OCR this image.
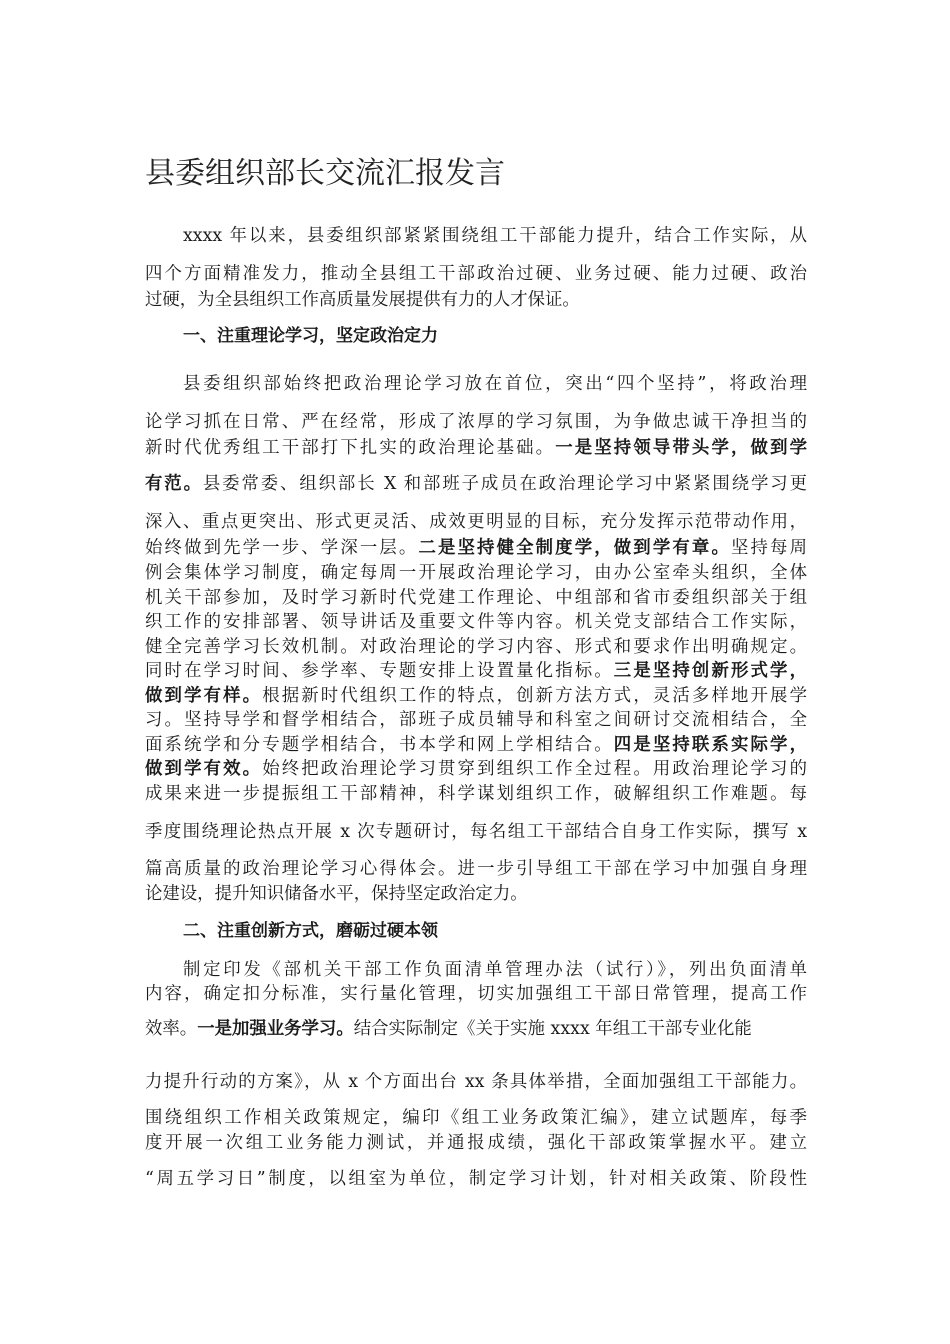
县委组织部长交流汇报发言
xxxx 年以来，县委组织部紧紧围绕组工干部能力提升，结合工作实际，从
四个方面精准发力，推动全县组工干部政治过硬、业务过硬、能力过硬、政治
过硬，为全县组织工作高质量发展提供有力的人才保证。
一、注重理论学习，坚定政治定力
县委组织部始终把政治理论学习放在首位，突出“四个坚持”，将政治理
论学习抓在日常、严在经常，形成了浓厚的学习氛围，为争做忠诚干净担当的
新时代优秀组工干部打下扎实的政治理论基础。一是坚持领导带头学，做到学
有范。县委常委、组织部长 X 和部班子成员在政治理论学习中紧紧围绕学习更
深入、重点更突出、形式更灵活、成效更明显的目标，充分发挥示范带动作用，
始终做到先学一步、学深一层。二是坚持健全制度学，做到学有章。坚持每周
例会集体学习制度，确定每周一开展政治理论学习，由办公室牵头组织，全体
机关干部参加，及时学习新时代党建工作理论、中组部和省市委组织部关于组
织工作的安排部署、领导讲话及重要文件等内容。机关党支部结合工作实际，
健全完善学习长效机制。对政治理论的学习内容、形式和要求作出明确规定。
同时在学习时间、参学率、专题安排上设置量化指标。三是坚持创新形式学，
做到学有样。根据新时代组织工作的特点，创新方法方式，灵活多样地开展学
习。坚持导学和督学相结合，部班子成员辅导和科室之间研讨交流相结合，全
面系统学和分专题学相结合，书本学和网上学相结合。四是坚持联系实际学，
做到学有效。始终把政治理论学习贯穿到组织工作全过程。用政治理论学习的
成果来进一步提振组工干部精神，科学谋划组织工作，破解组织工作难题。每
季度围绕理论热点开展 x 次专题研讨，每名组工干部结合自身工作实际，撰写 x
篇高质量的政治理论学习心得体会。进一步引导组工干部在学习中加强自身理
论建设，提升知识储备水平，保持坚定政治定力。
二、注重创新方式，磨砺过硬本领
制定印发《部机关干部工作负面清单管理办法（试行）》，列出负面清单
内容，确定扣分标准，实行量化管理，切实加强组工干部日常管理，提高工作
效率。一是加强业务学习。结合实际制定《关于实施 xxxx 年组工干部专业化能
力提升行动的方案》，从 x 个方面出台 xx 条具体举措，全面加强组工干部能力。
围绕组织工作相关政策规定，编印《组工业务政策汇编》，建立试题库，每季
度开展一次组工业务能力测试，并通报成绩，强化干部政策掌握水平。建立
“周五学习日”制度，以组室为单位，制定学习计划，针对相关政策、阶段性
